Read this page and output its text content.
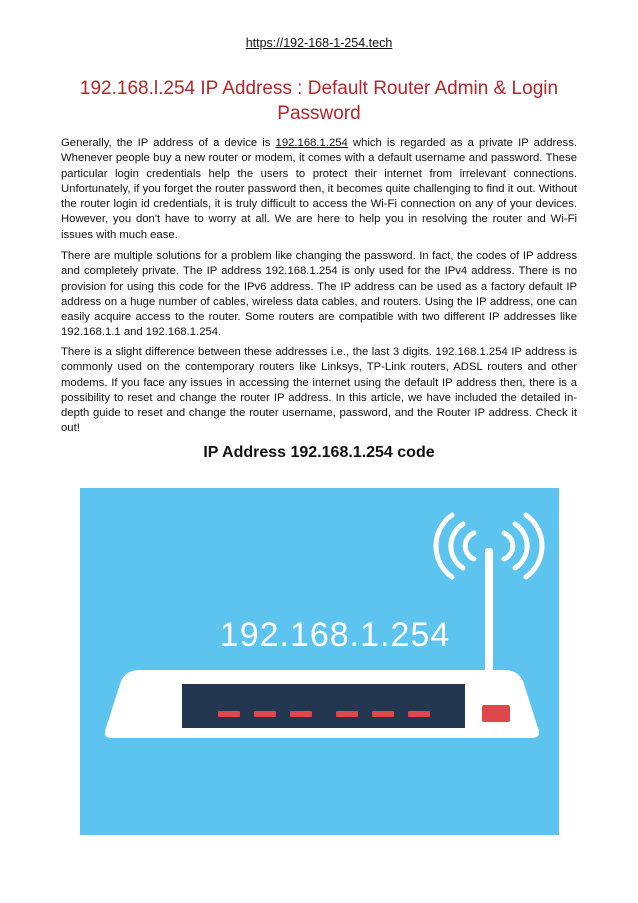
https://192-168-1-254.tech
192.168.l.254 IP Address : Default Router Admin & Login Password

Generally, the IP address of a device is 192.168.1.254 which is regarded as a private IP address. Whenever people buy a new router or modem, it comes with a default username and password. These particular login credentials help the users to protect their internet from irrelevant connections. Unfortunately, if you forget the router password then, it becomes quite challenging to find it out. Without the router login id credentials, it is truly difficult to access the Wi-Fi connection on any of your devices. However, you don't have to worry at all. We are here to help you in resolving the router and Wi-Fi issues with much ease.

There are multiple solutions for a problem like changing the password. In fact, the codes of IP address and completely private. The IP address 192.168.1.254 is only used for the IPv4 address. There is no provision for using this code for the IPv6 address. The IP address can be used as a factory default IP address on a huge number of cables, wireless data cables, and routers. Using the IP address, one can easily acquire access to the router. Some routers are compatible with two different IP addresses like 192.168.1.1 and 192.168.1.254.

There is a slight difference between these addresses i.e., the last 3 digits. 192.168.1.254 IP address is commonly used on the contemporary routers like Linksys, TP-Link routers, ADSL routers and other modems. If you face any issues in accessing the internet using the default IP address then, there is a possibility to reset and change the router IP address. In this article, we have included the detailed in-depth guide to reset and change the router username, password, and the Router IP address. Check it out!

IP Address 192.168.1.254 code
192.168.1.254
